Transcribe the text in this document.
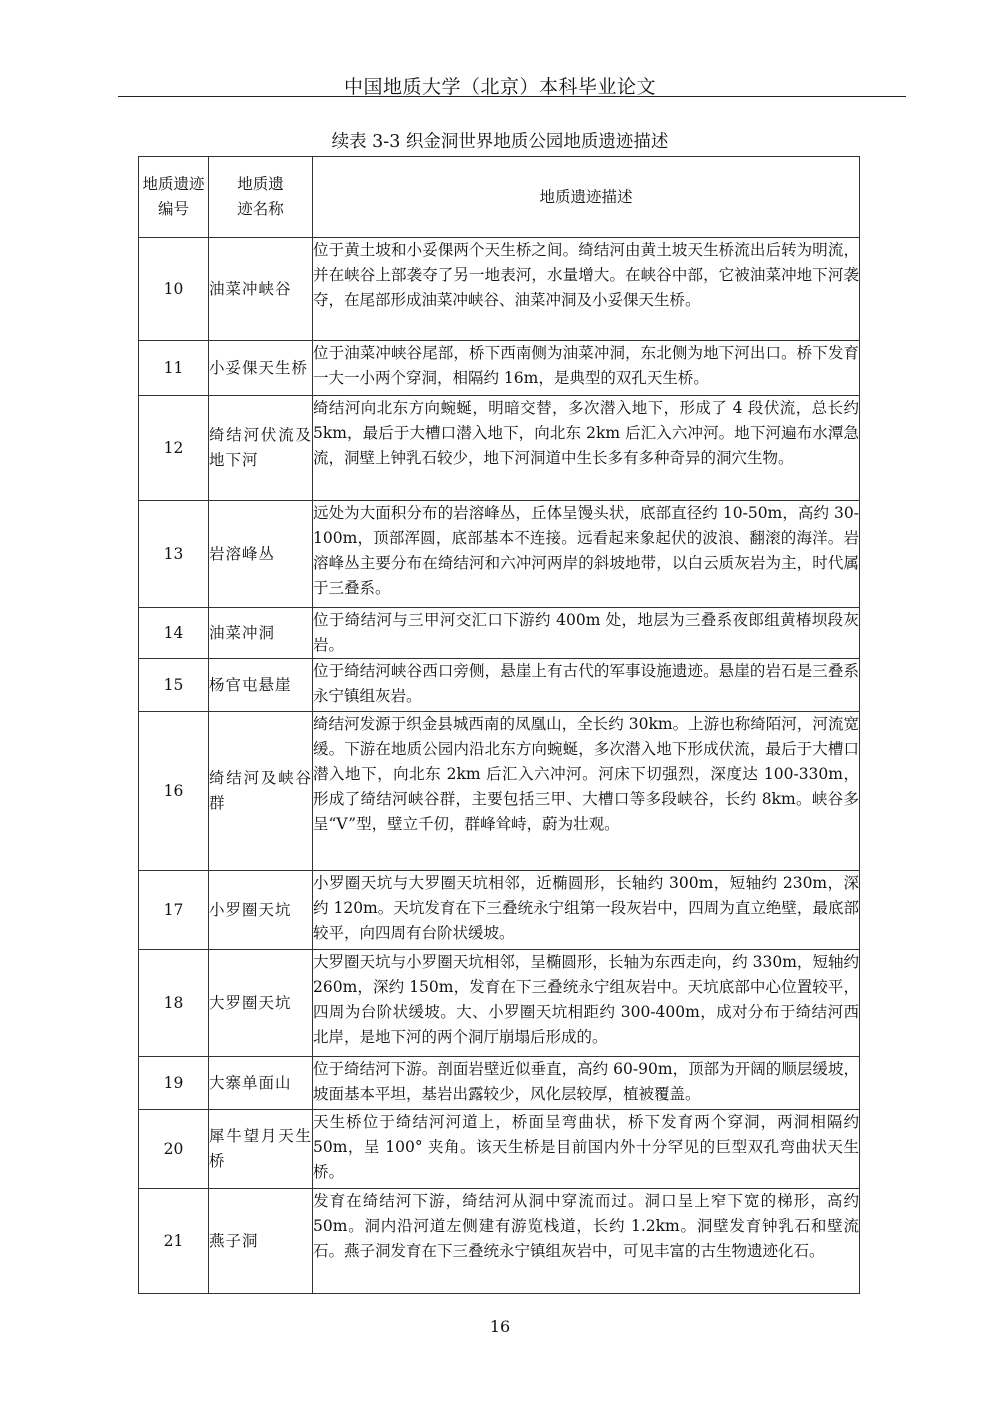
中国地质大学（北京）本科毕业论文
续表 3-3 织金洞世界地质公园地质遗迹描述
地质遗迹编号	地质遗迹名称	地质遗迹描述
10	油菜冲峡谷	位于黄土坡和小妥倮两个天生桥之间。绮结河由黄土坡天生桥流出后转为明流，并在峡谷上部袭夺了另一地表河，水量增大。在峡谷中部，它被油菜冲地下河袭夺，在尾部形成油菜冲峡谷、油菜冲洞及小妥倮天生桥。
11	小妥倮天生桥	位于油菜冲峡谷尾部，桥下西南侧为油菜冲洞，东北侧为地下河出口。桥下发育一大一小两个穿洞，相隔约 16m，是典型的双孔天生桥。
12	绮结河伏流及地下河	绮结河向北东方向蜿蜒，明暗交替，多次潜入地下，形成了 4 段伏流，总长约 5km，最后于大槽口潜入地下，向北东 2km 后汇入六冲河。地下河遍布水潭急流，洞壁上钟乳石较少，地下河洞道中生长多有多种奇异的洞穴生物。
13	岩溶峰丛	远处为大面积分布的岩溶峰丛，丘体呈馒头状，底部直径约 10-50m，高约 30-100m，顶部浑圆，底部基本不连接。远看起来象起伏的波浪、翻滚的海洋。岩溶峰丛主要分布在绮结河和六冲河两岸的斜坡地带，以白云质灰岩为主，时代属于三叠系。
14	油菜冲洞	位于绮结河与三甲河交汇口下游约 400m 处，地层为三叠系夜郎组黄椿坝段灰岩。
15	杨官屯悬崖	位于绮结河峡谷西口旁侧，悬崖上有古代的军事设施遗迹。悬崖的岩石是三叠系永宁镇组灰岩。
16	绮结河及峡谷群	绮结河发源于织金县城西南的凤凰山，全长约 30km。上游也称绮陌河，河流宽缓。下游在地质公园内沿北东方向蜿蜒，多次潜入地下形成伏流，最后于大槽口潜入地下，向北东 2km 后汇入六冲河。河床下切强烈，深度达 100-330m，形成了绮结河峡谷群，主要包括三甲、大槽口等多段峡谷，长约 8km。峡谷多呈“V”型，壁立千仞，群峰耸峙，蔚为壮观。
17	小罗圈天坑	小罗圈天坑与大罗圈天坑相邻，近椭圆形，长轴约 300m，短轴约 230m，深约 120m。天坑发育在下三叠统永宁组第一段灰岩中，四周为直立绝壁，最底部较平，向四周有台阶状缓坡。
18	大罗圈天坑	大罗圈天坑与小罗圈天坑相邻，呈椭圆形，长轴为东西走向，约 330m，短轴约 260m，深约 150m，发育在下三叠统永宁组灰岩中。天坑底部中心位置较平，四周为台阶状缓坡。大、小罗圈天坑相距约 300-400m，成对分布于绮结河西北岸，是地下河的两个洞厅崩塌后形成的。
19	大寨单面山	位于绮结河下游。剖面岩壁近似垂直，高约 60-90m，顶部为开阔的顺层缓坡，坡面基本平坦，基岩出露较少，风化层较厚，植被覆盖。
20	犀牛望月天生桥	天生桥位于绮结河河道上，桥面呈弯曲状，桥下发育两个穿洞，两洞相隔约 50m，呈 100° 夹角。该天生桥是目前国内外十分罕见的巨型双孔弯曲状天生桥。
21	燕子洞	发育在绮结河下游，绮结河从洞中穿流而过。洞口呈上窄下宽的梯形，高约 50m。洞内沿河道左侧建有游览栈道，长约 1.2km。洞壁发育钟乳石和壁流石。燕子洞发育在下三叠统永宁镇组灰岩中，可见丰富的古生物遗迹化石。
16
